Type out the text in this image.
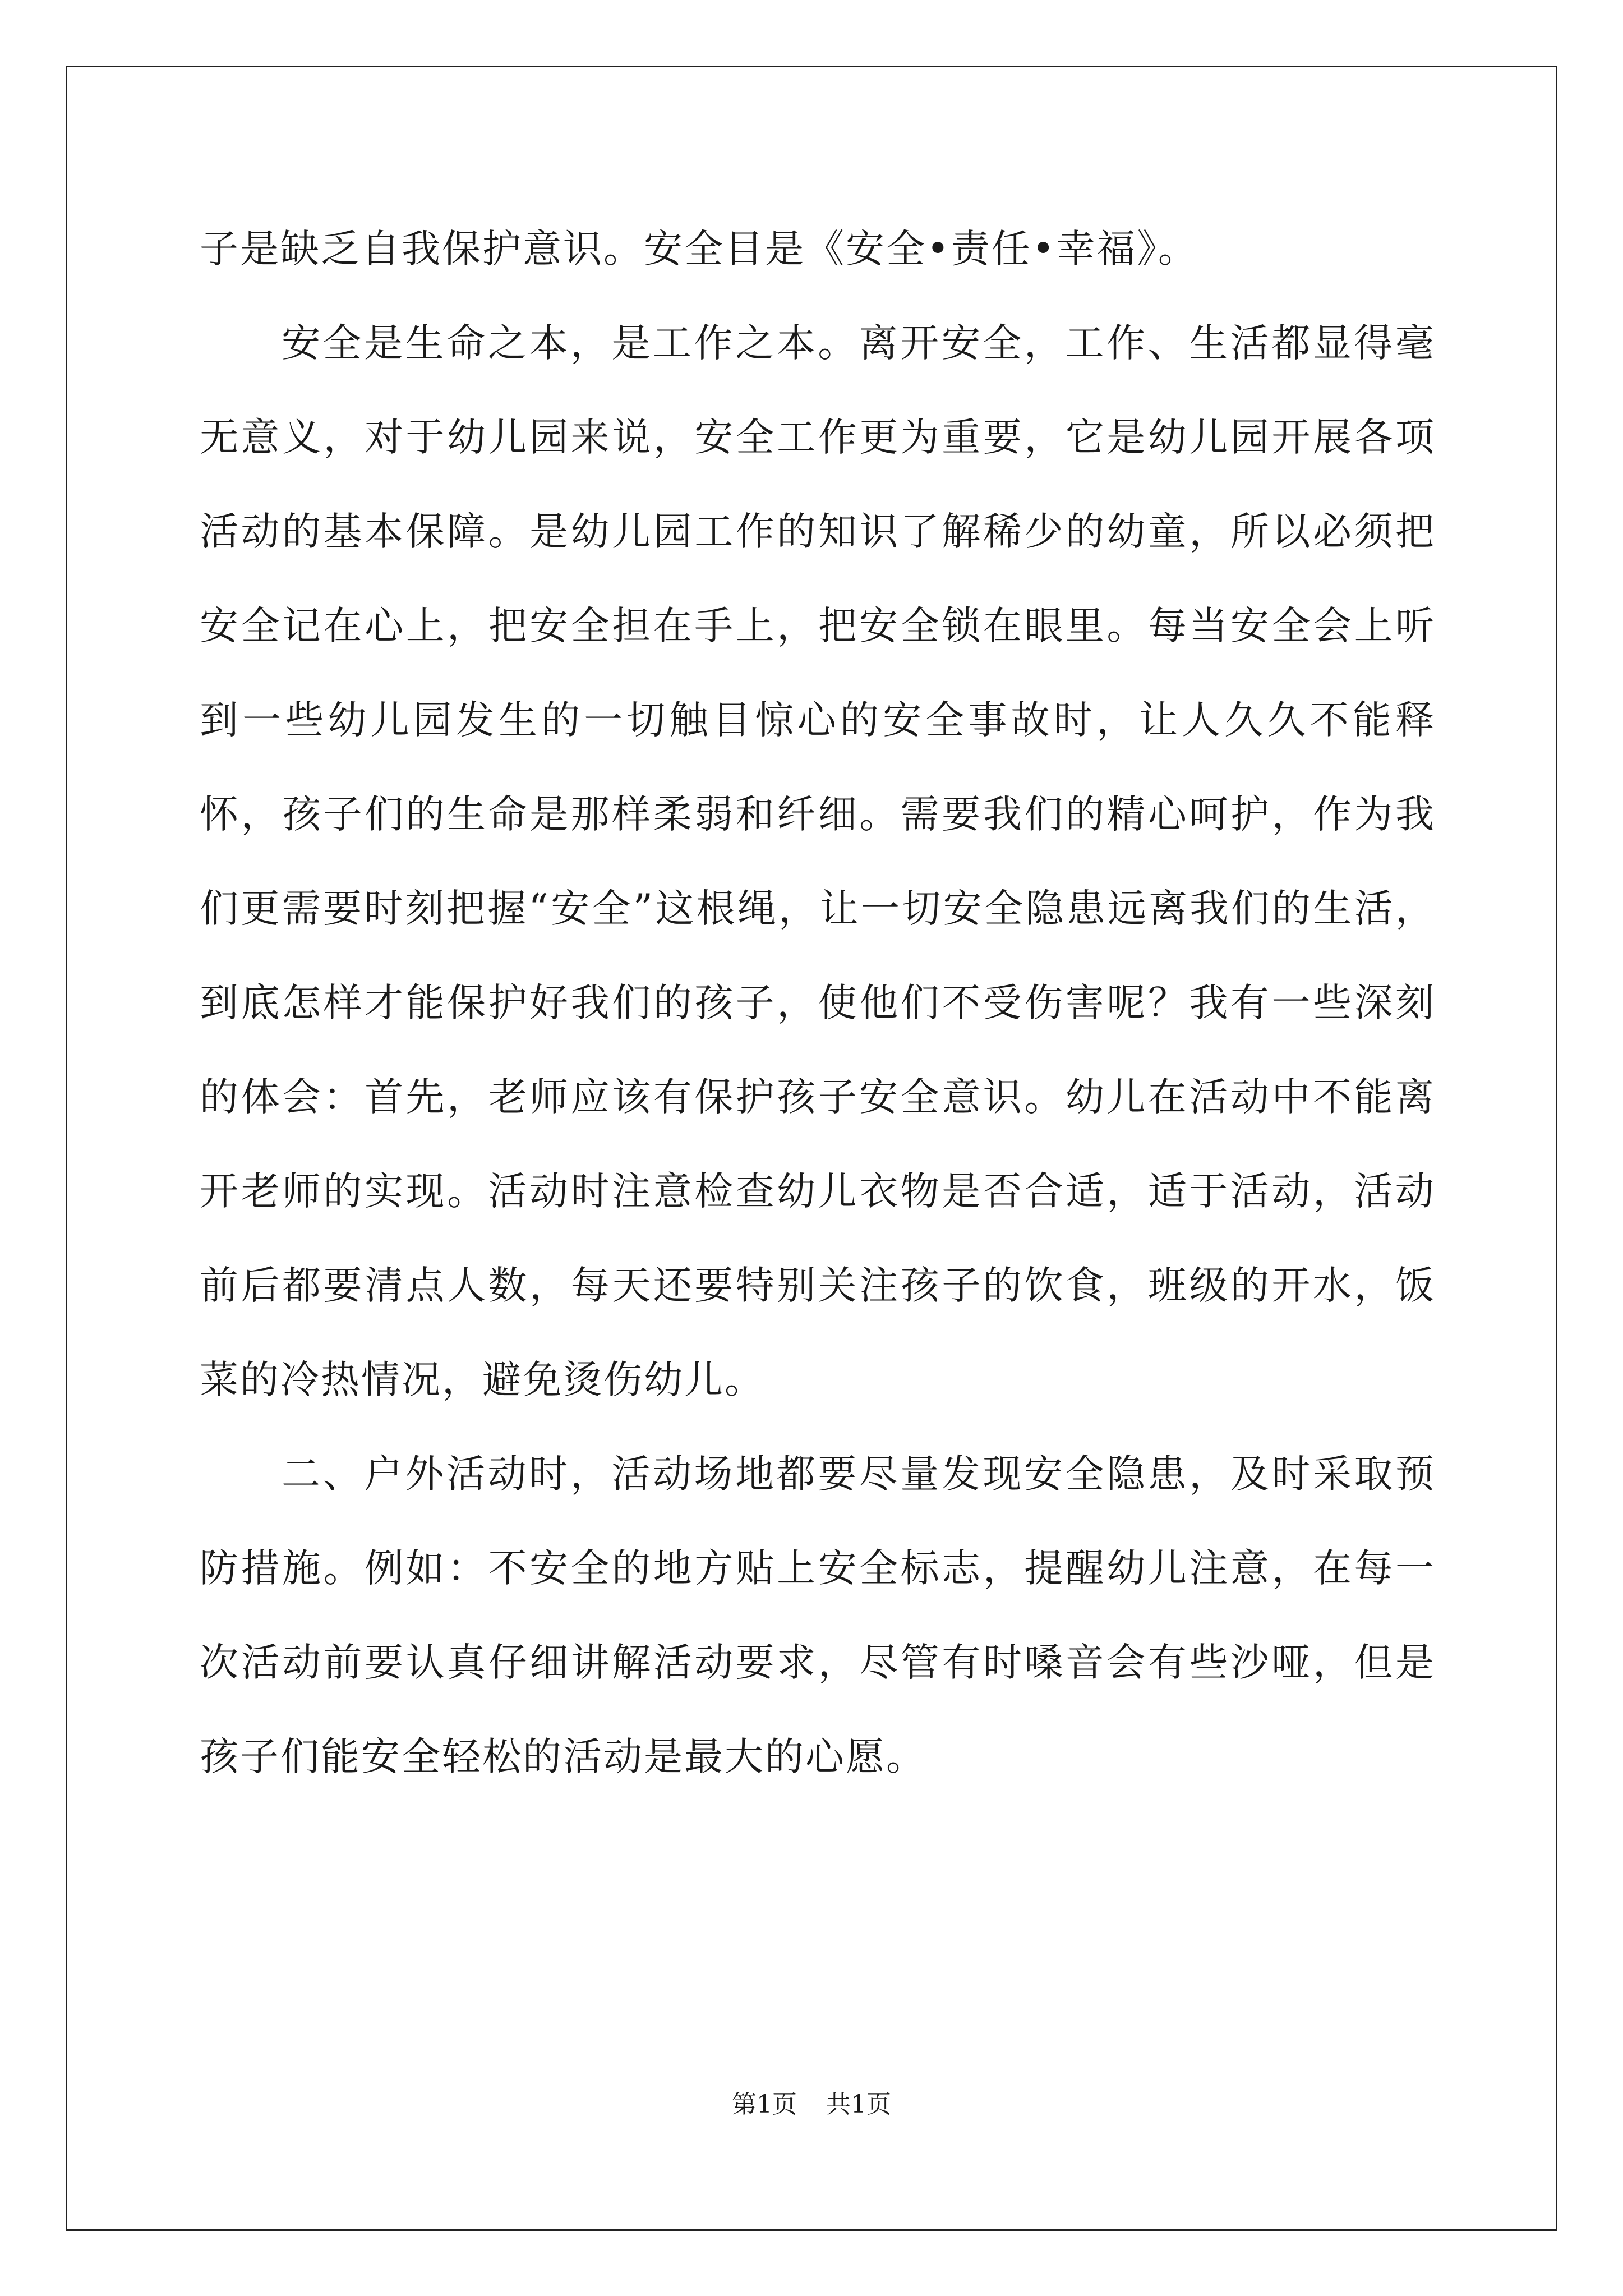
子是缺乏自我保护意识。安全目是《安全•责任•幸福》。

安全是生命之本，是工作之本。离开安全，工作、生活都显得毫无意义，对于幼儿园来说，安全工作更为重要，它是幼儿园开展各项活动的基本保障。是幼儿园工作的知识了解稀少的幼童，所以必须把安全记在心上，把安全担在手上，把安全锁在眼里。每当安全会上听到一些幼儿园发生的一切触目惊心的安全事故时，让人久久不能释怀，孩子们的生命是那样柔弱和纤细。需要我们的精心呵护，作为我们更需要时刻把握“安全”这根绳，让一切安全隐患远离我们的生活，到底怎样才能保护好我们的孩子，使他们不受伤害呢？我有一些深刻的体会：首先，老师应该有保护孩子安全意识。幼儿在活动中不能离开老师的实现。活动时注意检查幼儿衣物是否合适，适于活动，活动前后都要清点人数，每天还要特别关注孩子的饮食，班级的开水，饭菜的冷热情况，避免烫伤幼儿。

二、户外活动时，活动场地都要尽量发现安全隐患，及时采取预防措施。例如：不安全的地方贴上安全标志，提醒幼儿注意，在每一次活动前要认真仔细讲解活动要求，尽管有时嗓音会有些沙哑，但是孩子们能安全轻松的活动是最大的心愿。

第1页 共1页
